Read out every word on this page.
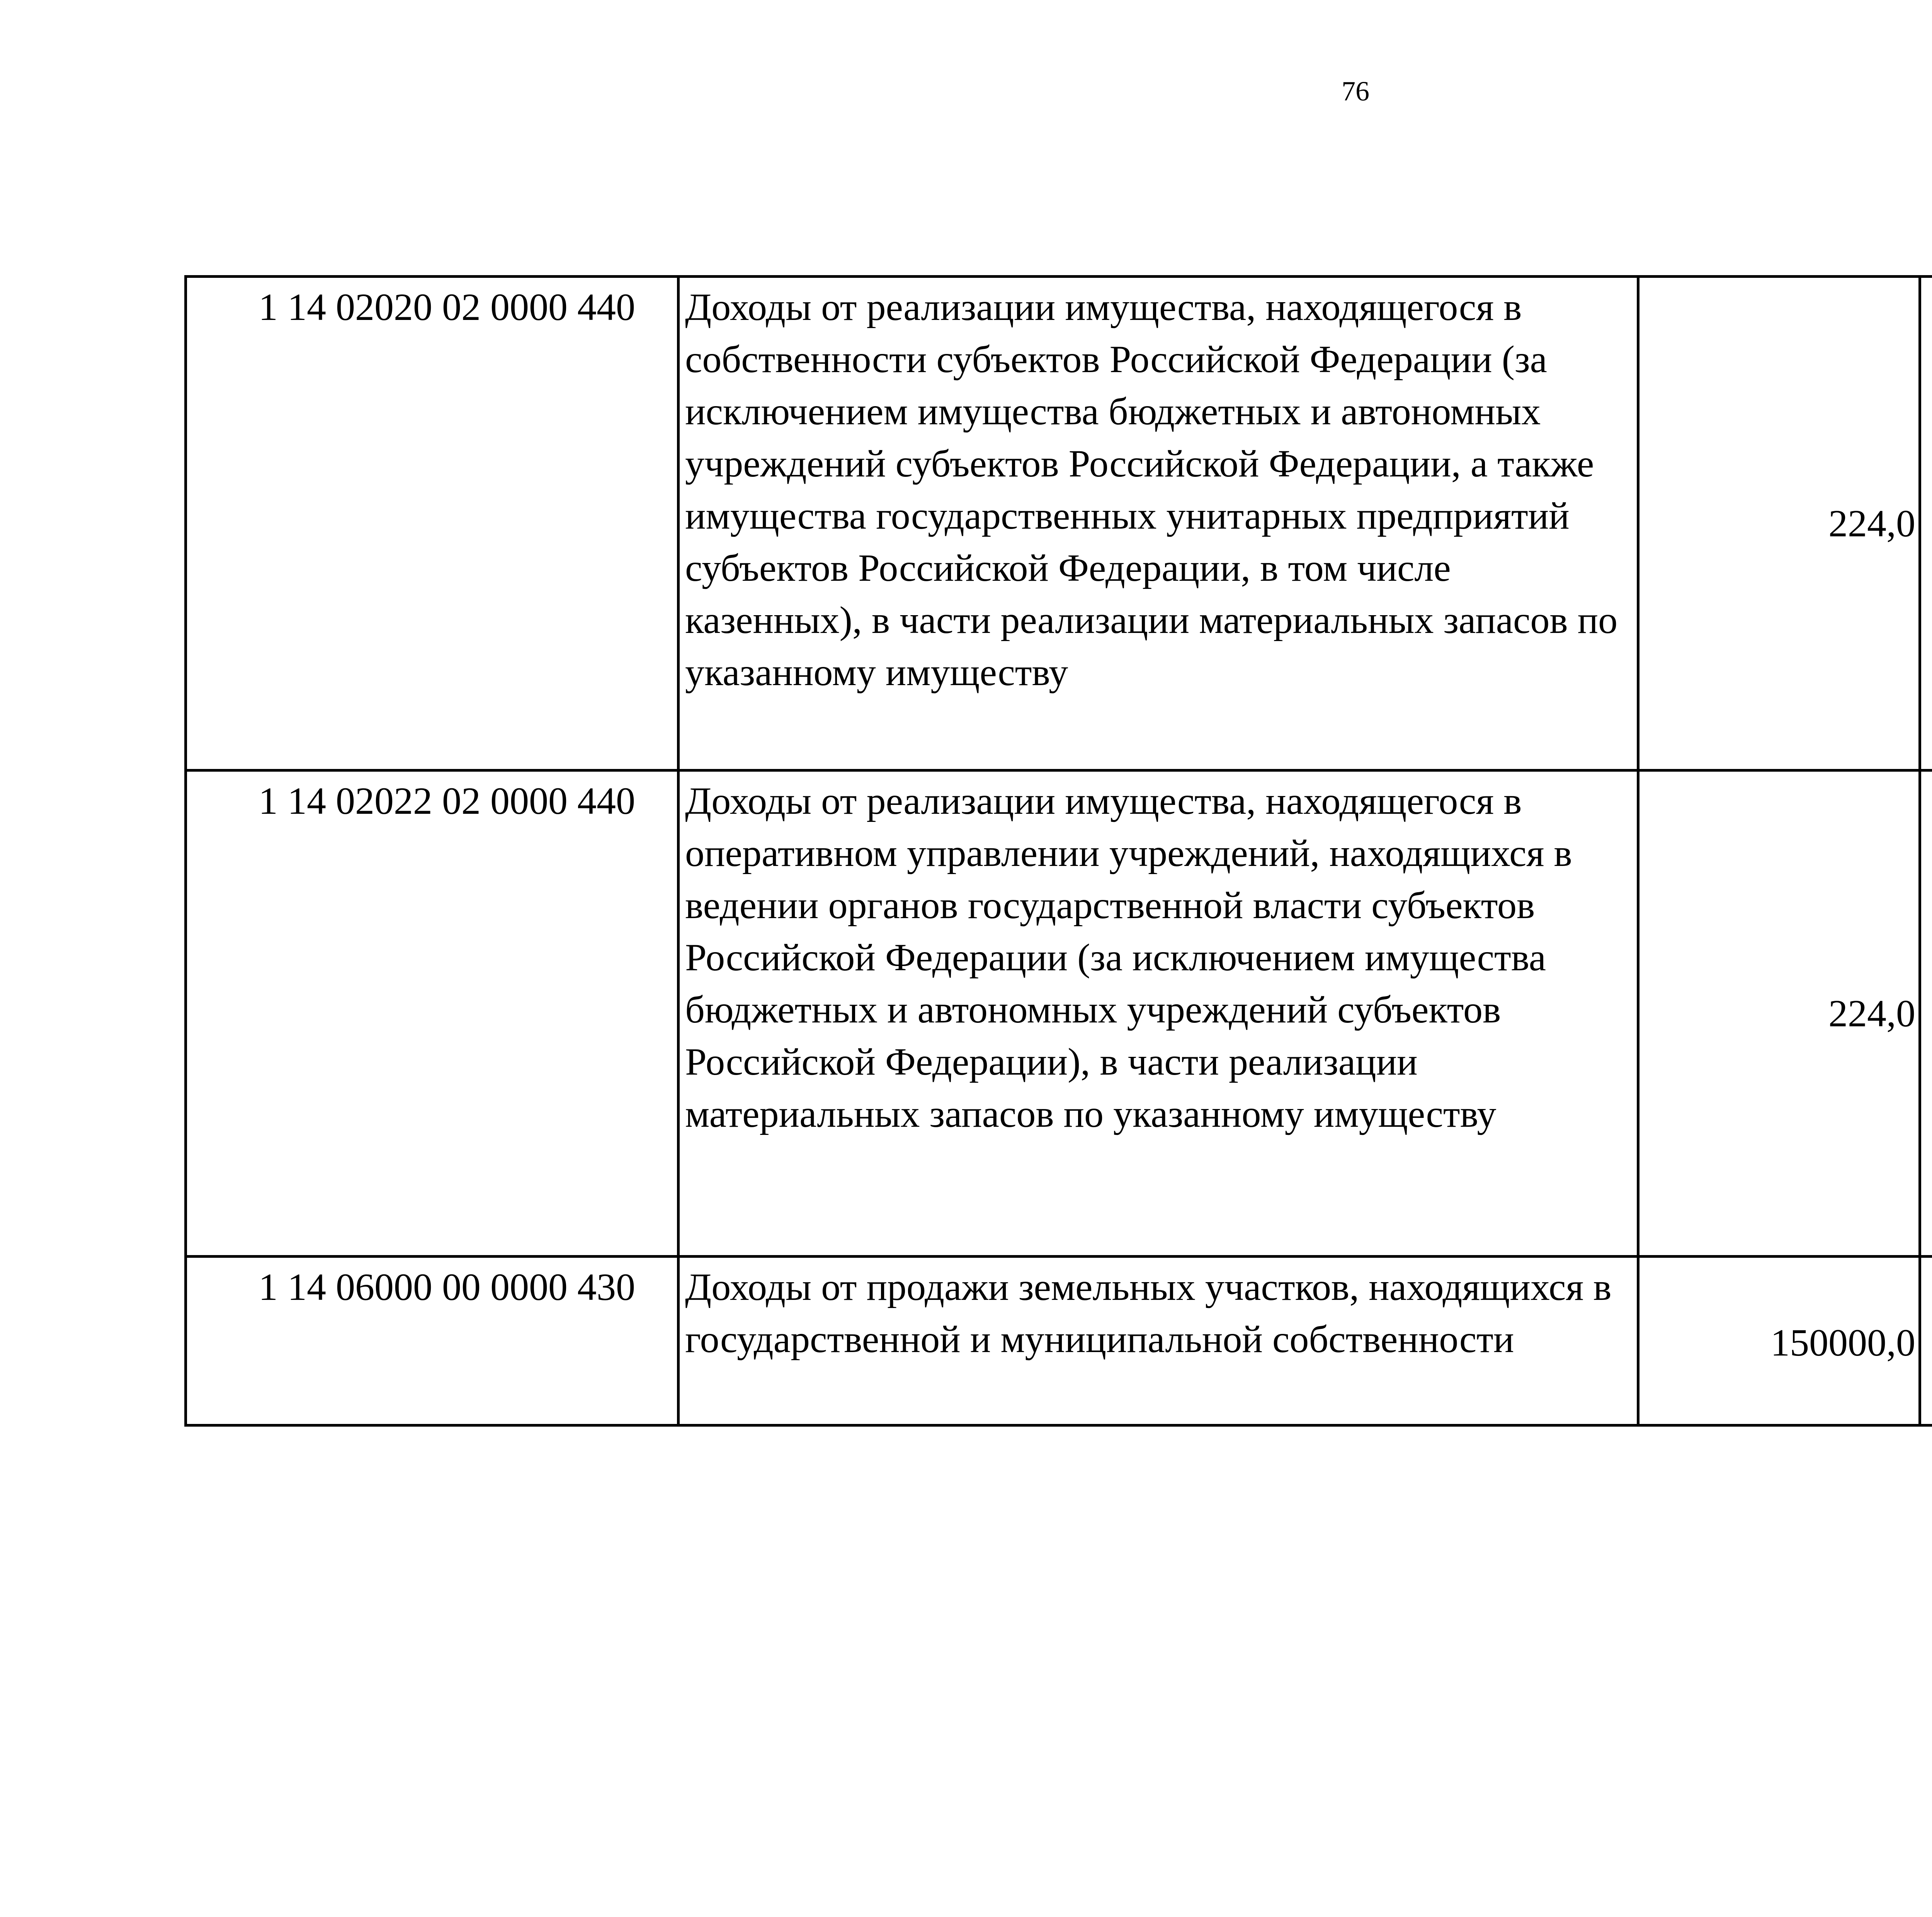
76
1 14 02020 02 0000 440	Доходы от реализации имущества, находящегося в собственности субъектов Российской Федерации (за исключением имущества бюджетных и автономных учреждений субъектов Российской Федерации, а также имущества государственных унитарных предприятий субъектов Российской Федерации, в том числе казенных), в части реализации материальных запасов по указанному имуществу	224,0		
1 14 02022 02 0000 440	Доходы от реализации имущества, находящегося в оперативном управлении учреждений, находящихся в ведении органов государственной власти субъектов Российской Федерации (за исключением имущества бюджетных и автономных учреждений субъектов Российской Федерации), в части реализации материальных запасов по указанному имуществу	224,0		
1 14 06000 00 0000 430	Доходы от продажи земельных участков, находящихся в государственной и муниципальной собственности	150000,0		
